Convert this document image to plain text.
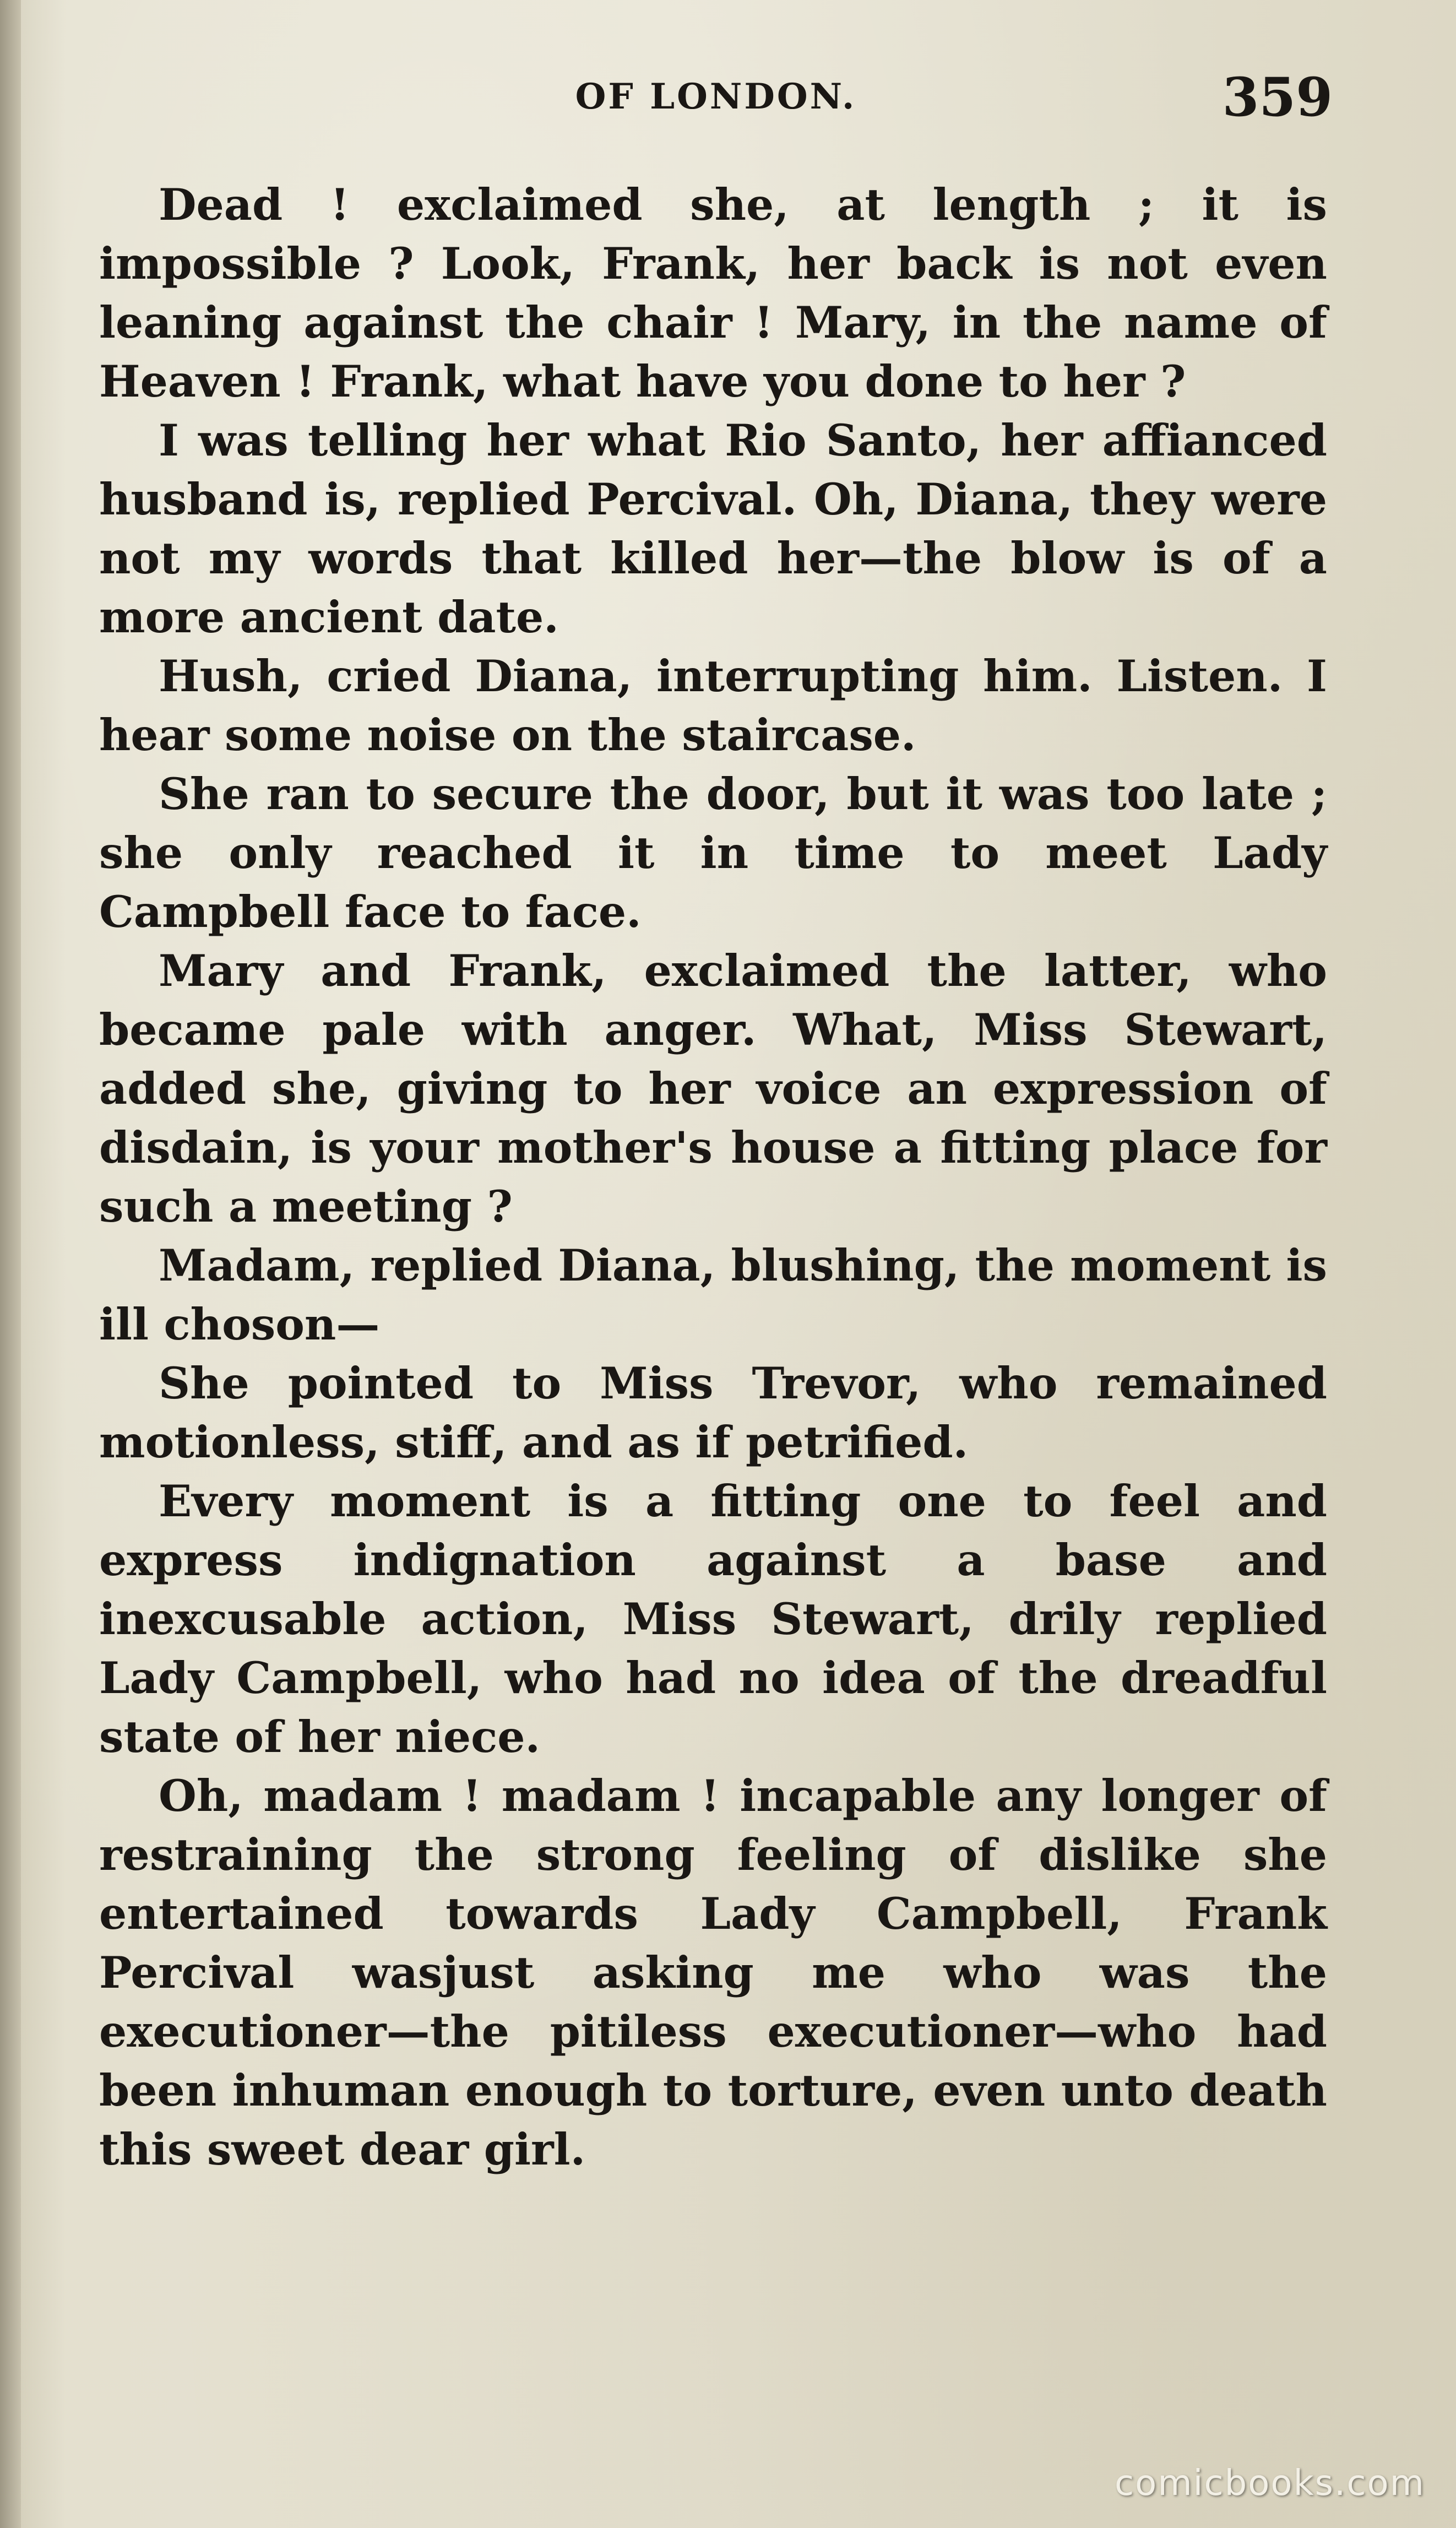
OF LONDON.	359

Dead ! exclaimed she, at length ; it is impossible ? Look, Frank, her back is not even leaning against the chair ! Mary, in the name of Heaven ! Frank, what have you done to her ?

I was telling her what Rio Santo, her affianced husband is, replied Percival. Oh, Diana, they were not my words that killed her—the blow is of a more ancient date.

Hush, cried Diana, interrupting him. Listen. I hear some noise on the staircase.

She ran to secure the door, but it was too late ; she only reached it in time to meet Lady Campbell face to face.

Mary and Frank, exclaimed the latter, who became pale with anger. What, Miss Stewart, added she, giving to her voice an expression of disdain, is your mother's house a fitting place for such a meeting ?

Madam, replied Diana, blushing, the moment is ill choson—

She pointed to Miss Trevor, who remained motionless, stiff, and as if petrified.

Every moment is a fitting one to feel and express indignation against a base and inexcusable action, Miss Stewart, drily replied Lady Campbell, who had no idea of the dreadful state of her niece.

Oh, madam ! madam ! incapable any longer of restraining the strong feeling of dislike she entertained towards Lady Campbell, Frank Percival wasjust asking me who was the executioner—the pitiless executioner—who had been inhuman enough to torture, even unto death this sweet dear girl.

comicbooks.com
